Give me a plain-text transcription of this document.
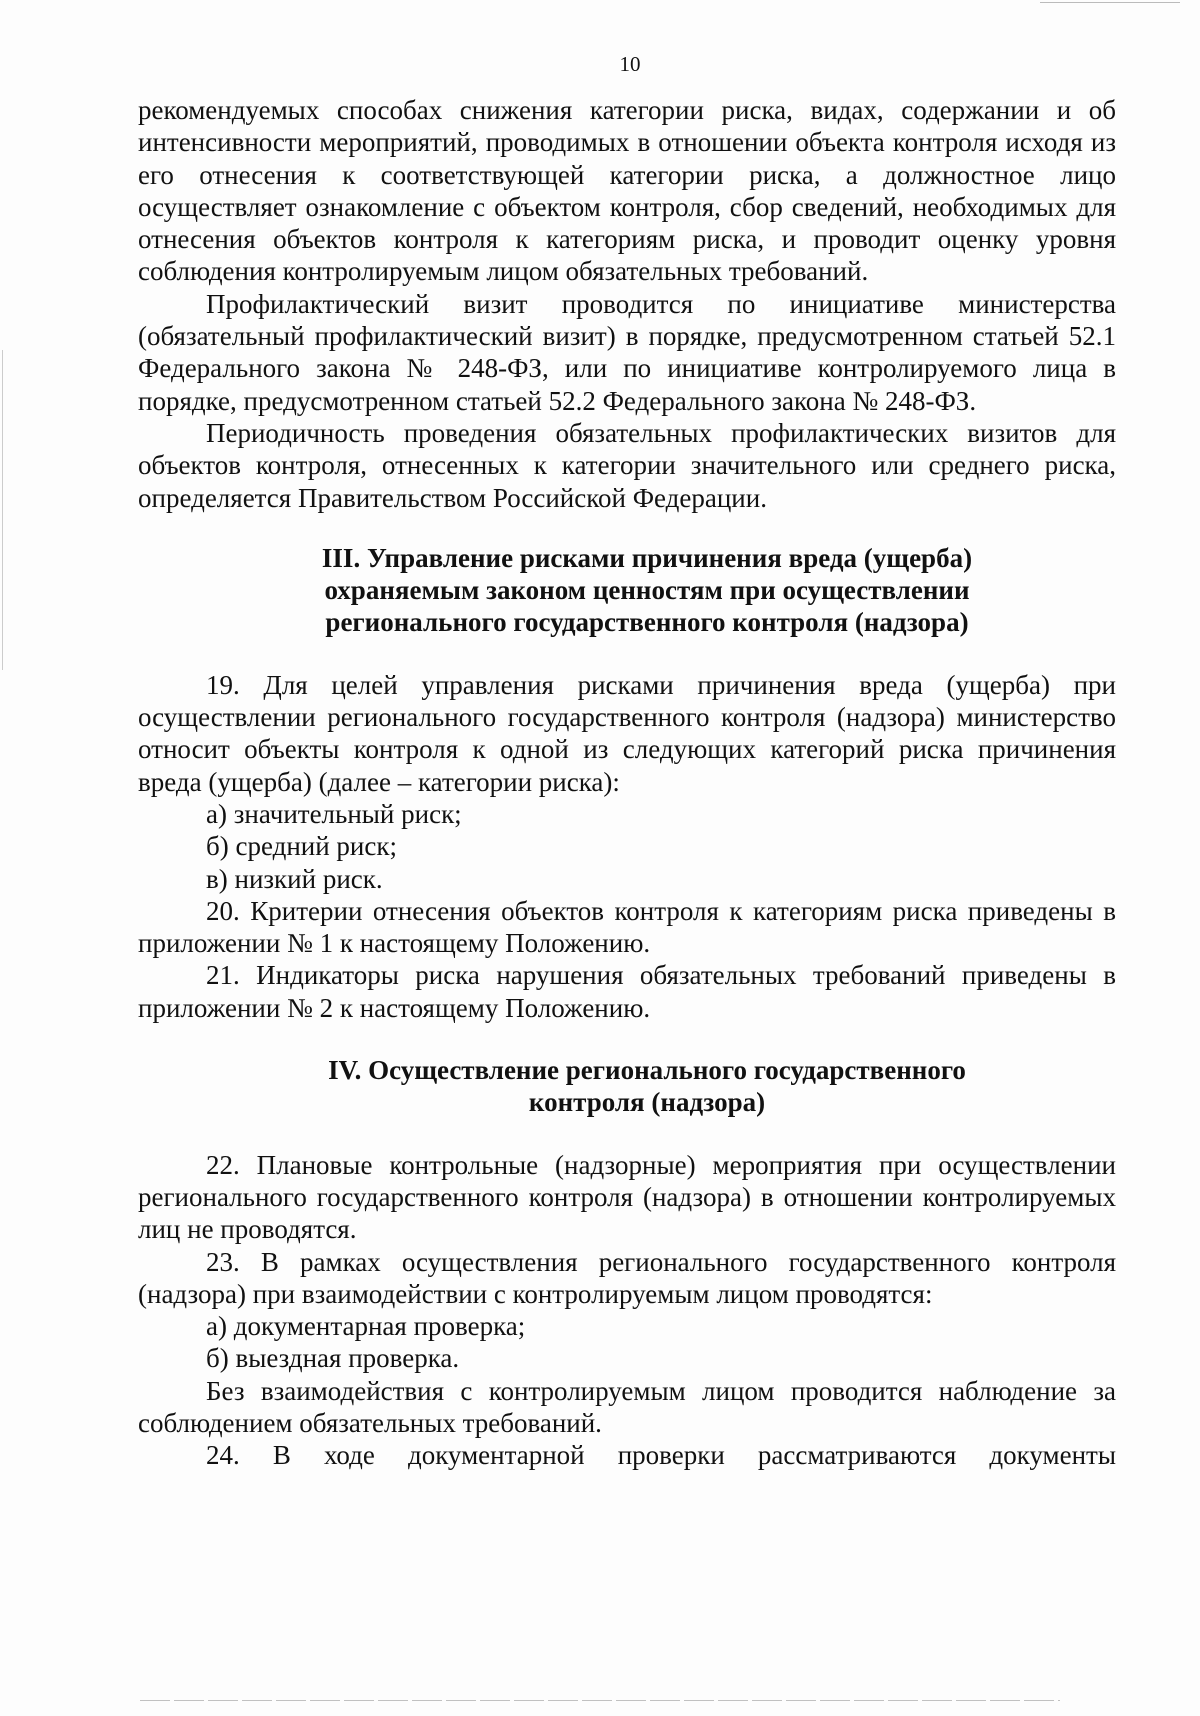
10

рекомендуемых способах снижения категории риска, видах, содержании и об интенсивности мероприятий, проводимых в отношении объекта контроля исходя из его отнесения к соответствующей категории риска, а должностное лицо осуществляет ознакомление с объектом контроля, сбор сведений, необходимых для отнесения объектов контроля к категориям риска, и проводит оценку уровня соблюдения контролируемым лицом обязательных требований.

Профилактический визит проводится по инициативе министерства (обязательный профилактический визит) в порядке, предусмотренном статьей 52.1 Федерального закона № 248-ФЗ, или по инициативе контролируемого лица в порядке, предусмотренном статьей 52.2 Федерального закона № 248-ФЗ.

Периодичность проведения обязательных профилактических визитов для объектов контроля, отнесенных к категории значительного или среднего риска, определяется Правительством Российской Федерации.

III. Управление рисками причинения вреда (ущерба)
охраняемым законом ценностям при осуществлении
регионального государственного контроля (надзора)

19. Для целей управления рисками причинения вреда (ущерба) при осуществлении регионального государственного контроля (надзора) министерство относит объекты контроля к одной из следующих категорий риска причинения вреда (ущерба) (далее – категории риска):

а) значительный риск;

б) средний риск;

в) низкий риск.

20. Критерии отнесения объектов контроля к категориям риска приведены в приложении № 1 к настоящему Положению.

21. Индикаторы риска нарушения обязательных требований приведены в приложении № 2 к настоящему Положению.

IV. Осуществление регионального государственного
контроля (надзора)

22. Плановые контрольные (надзорные) мероприятия при осуществлении регионального государственного контроля (надзора) в отношении контролируемых лиц не проводятся.

23. В рамках осуществления регионального государственного контроля (надзора) при взаимодействии с контролируемым лицом проводятся:

а) документарная проверка;

б) выездная проверка.

Без взаимодействия с контролируемым лицом проводится наблюдение за соблюдением обязательных требований.

24. В ходе документарной проверки рассматриваются документы
